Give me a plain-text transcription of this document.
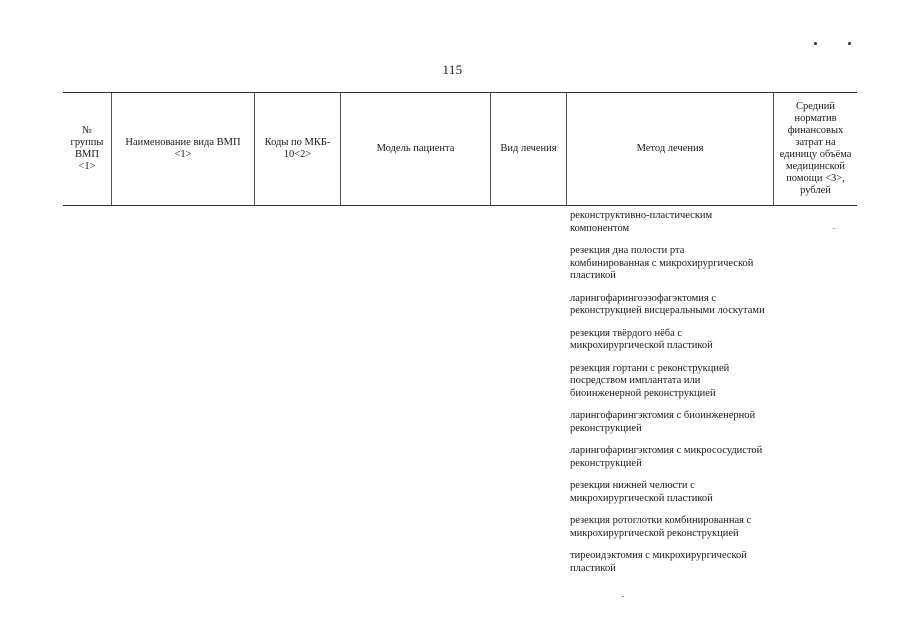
115
№
группы
ВМП
<1>
Наименование вида ВМП
<1>
Коды по МКБ-
10<2>
Модель пациента	Вид лечения	Метод лечения
Средний
норматив
финансовых
затрат на
единицу объёма
медицинской
помощи <3>,
рублей
реконструктивно-пластическим
компонентом
резекция дна полости рта
комбинированная с микрохирургической
пластикой
ларингофарингоэзофагэктомия с
реконструкцией висцеральными лоскутами
резекция твёрдого нёба с
микрохирургической пластикой
резекция гортани с реконструкцией
посредством имплантата или
биоинженерной реконструкцией
ларингофарингэктомия с биоинженерной
реконструкцией
ларингофарингэктомия с микрососудистой
реконструкцией
резекция нижней челюсти с
микрохирургической пластикой
резекция ротоглотки комбинированная с
микрохирургической реконструкцией
тиреоидэктомия с микрохирургической
пластикой
